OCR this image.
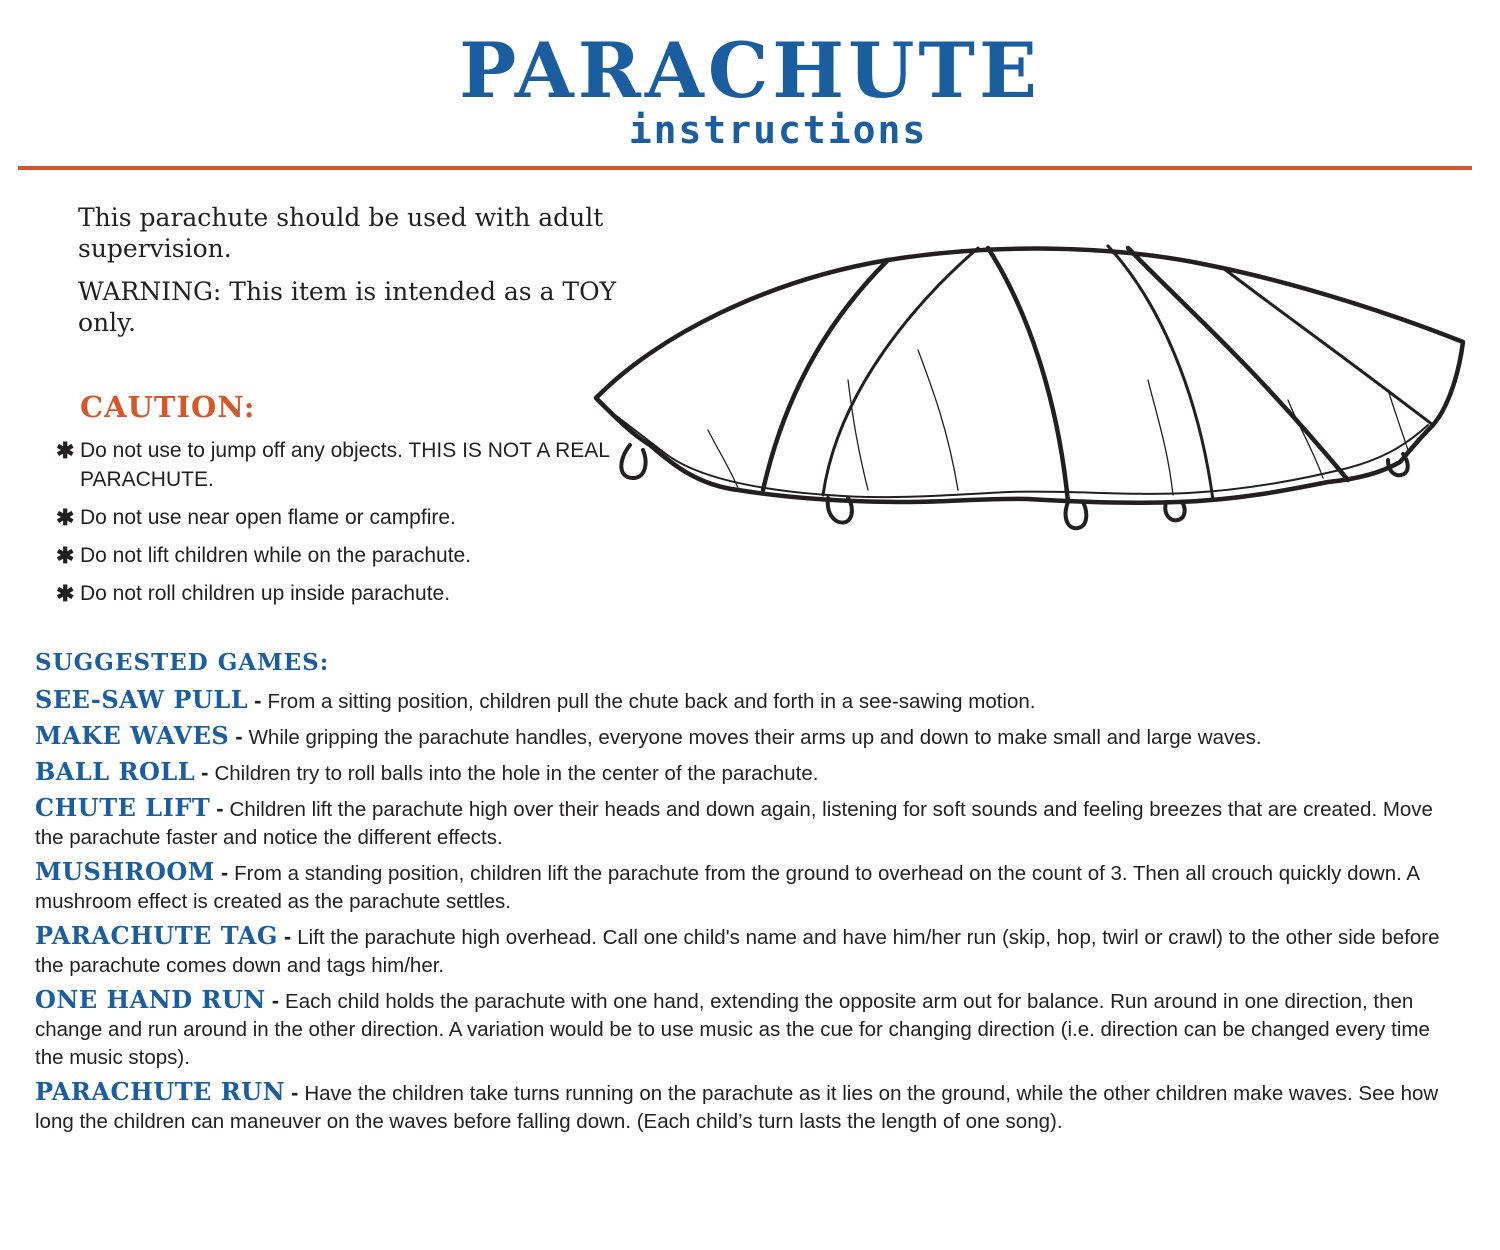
PARACHUTE
instructions
This parachute should be used with adult supervision.
WARNING: This item is intended as a TOY only.
CAUTION:
✱ Do not use to jump off any objects. THIS IS NOT A REAL PARACHUTE.
✱ Do not use near open flame or campfire.
✱ Do not lift children while on the parachute.
✱ Do not roll children up inside parachute.
SUGGESTED GAMES:
SEE-SAW PULL - From a sitting position, children pull the chute back and forth in a see-sawing motion.
MAKE WAVES - While gripping the parachute handles, everyone moves their arms up and down to make small and large waves.
BALL ROLL - Children try to roll balls into the hole in the center of the parachute.
CHUTE LIFT - Children lift the parachute high over their heads and down again, listening for soft sounds and feeling breezes that are created. Move the parachute faster and notice the different effects.
MUSHROOM - From a standing position, children lift the parachute from the ground to overhead on the count of 3. Then all crouch quickly down. A mushroom effect is created as the parachute settles.
PARACHUTE TAG - Lift the parachute high overhead. Call one child's name and have him/her run (skip, hop, twirl or crawl) to the other side before the parachute comes down and tags him/her.
ONE HAND RUN - Each child holds the parachute with one hand, extending the opposite arm out for balance. Run around in one direction, then change and run around in the other direction. A variation would be to use music as the cue for changing direction (i.e. direction can be changed every time the music stops).
PARACHUTE RUN - Have the children take turns running on the parachute as it lies on the ground, while the other children make waves. See how long the children can maneuver on the waves before falling down. (Each child’s turn lasts the length of one song).
